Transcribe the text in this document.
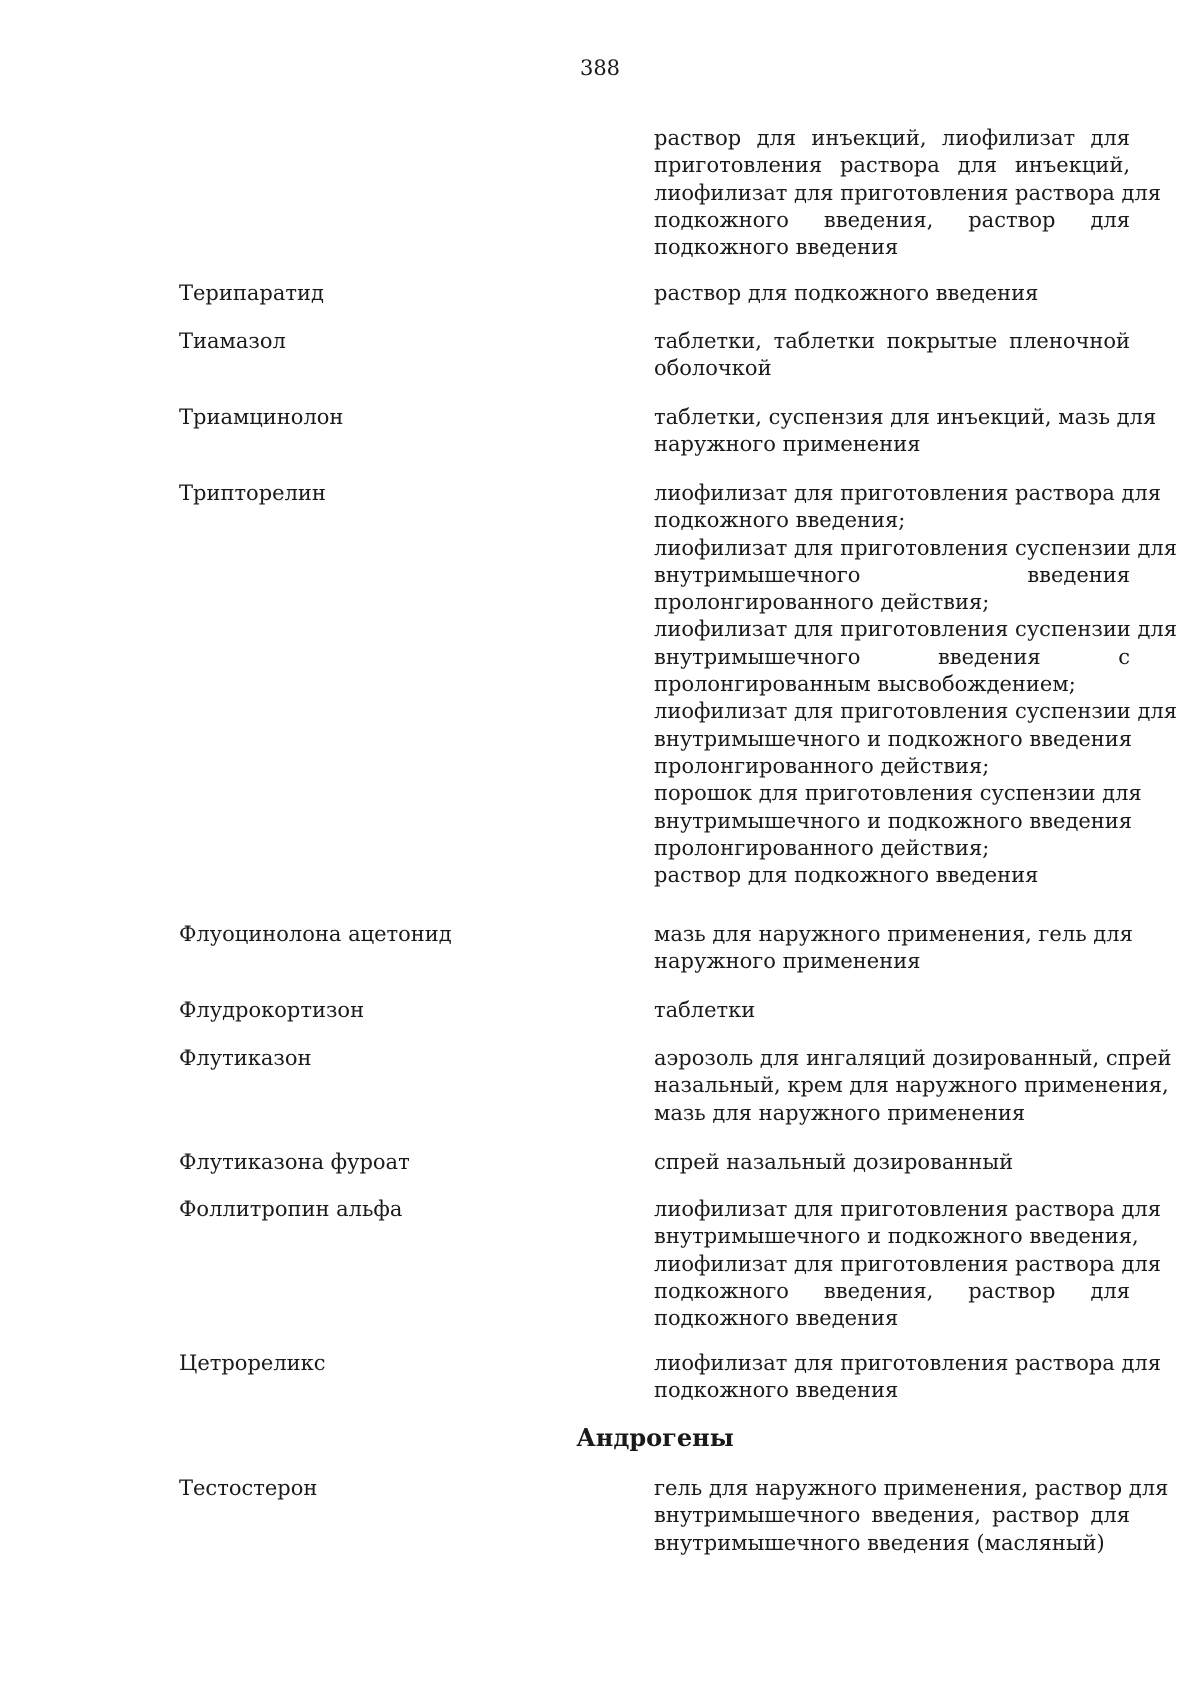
388
раствор для инъекций, лиофилизат для
приготовления раствора для инъекций,
лиофилизат для приготовления раствора для
подкожного введения, раствор для
подкожного введения
Терипаратид	раствор для подкожного введения
Тиамазол	таблетки, таблетки покрытые пленочной
оболочкой
Триамцинолон	таблетки, суспензия для инъекций, мазь для
наружного применения
Трипторелин	лиофилизат для приготовления раствора для
подкожного введения;
лиофилизат для приготовления суспензии для
внутримышечного введения
пролонгированного действия;
лиофилизат для приготовления суспензии для
внутримышечного введения с
пролонгированным высвобождением;
лиофилизат для приготовления суспензии для
внутримышечного и подкожного введения
пролонгированного действия;
порошок для приготовления суспензии для
внутримышечного и подкожного введения
пролонгированного действия;
раствор для подкожного введения
Флуоцинолона ацетонид	мазь для наружного применения, гель для
наружного применения
Флудрокортизон	таблетки
Флутиказон	аэрозоль для ингаляций дозированный, спрей
назальный, крем для наружного применения,
мазь для наружного применения
Флутиказона фуроат	спрей назальный дозированный
Фоллитропин альфа	лиофилизат для приготовления раствора для
внутримышечного и подкожного введения,
лиофилизат для приготовления раствора для
подкожного введения, раствор для
подкожного введения
Цетрореликс	лиофилизат для приготовления раствора для
подкожного введения
Андрогены
Тестостерон	гель для наружного применения, раствор для
внутримышечного введения, раствор для
внутримышечного введения (масляный)
